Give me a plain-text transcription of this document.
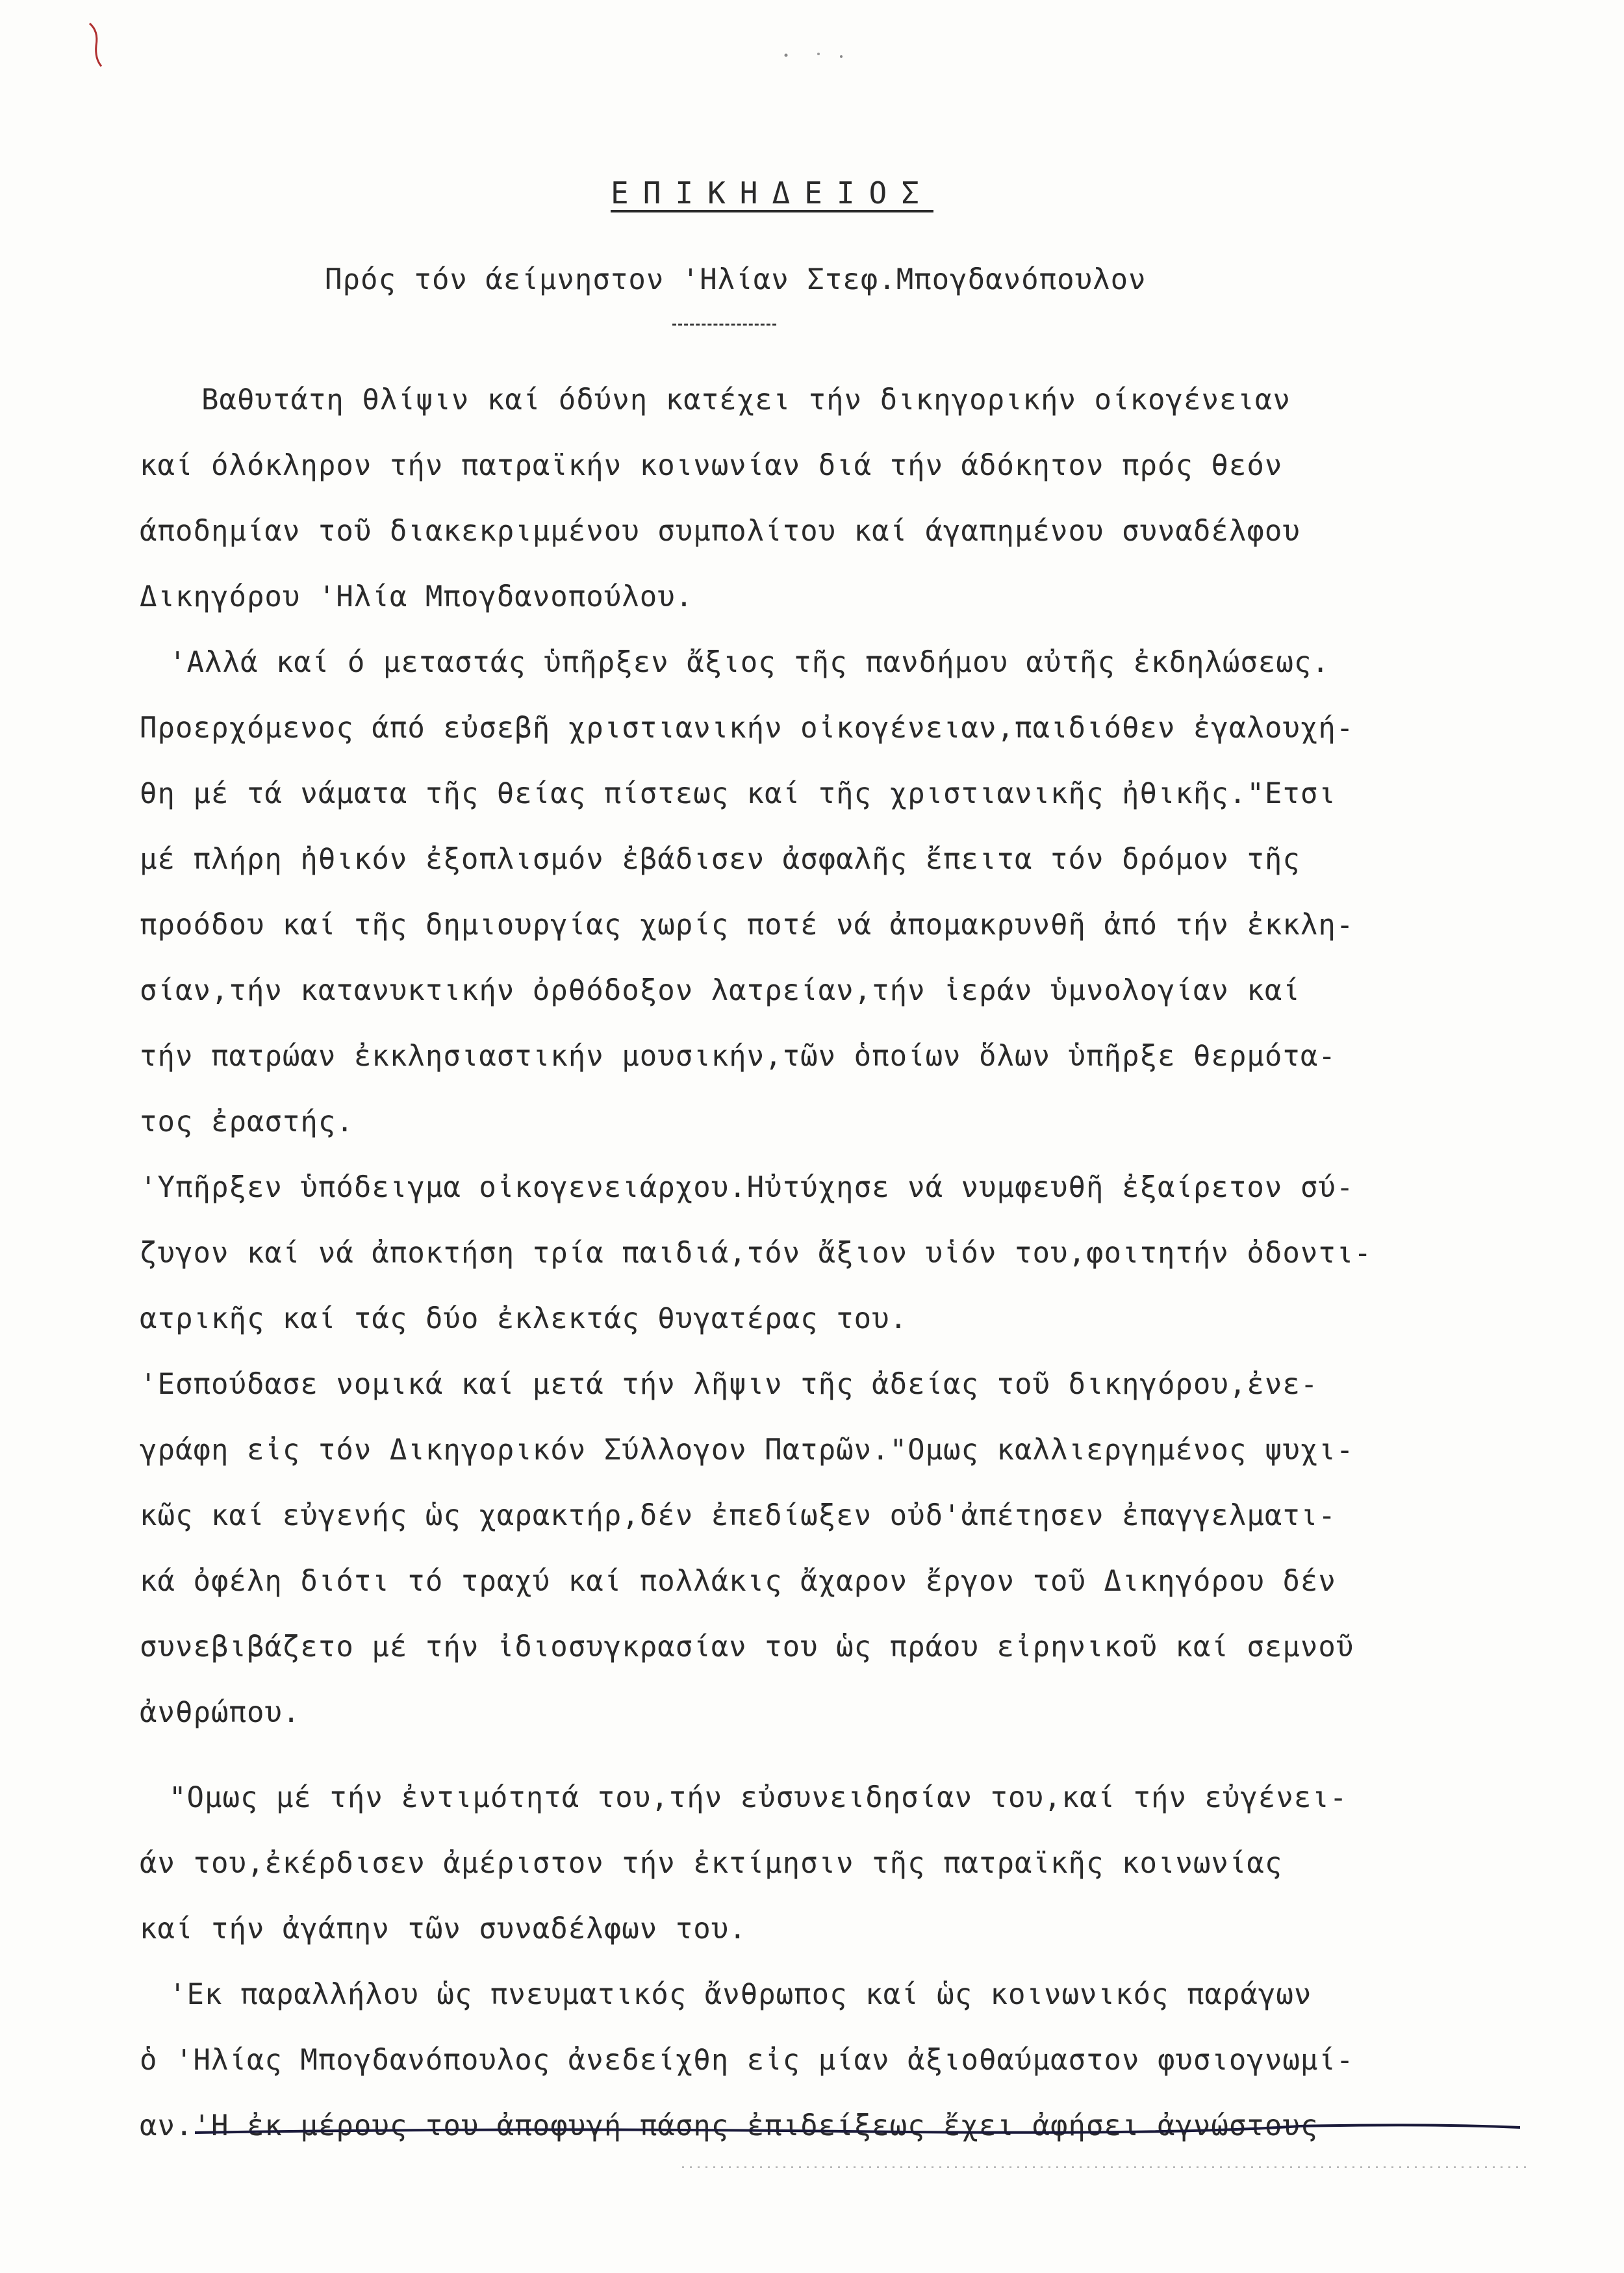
ΕΠΙΚΗΔΕΙΟΣ
Πρός τόν άείμνηστον 'Ηλίαν Στεφ.Μπογδανόπουλον
Βαθυτάτη θλίψιν καί όδύνη κατέχει τήν δικηγορικήν οίκογένειαν
καί όλόκληρον τήν πατραϊκήν κοινωνίαν διά τήν άδόκητον πρός θεόν
άποδημίαν τοῦ διακεκριμμένου συμπολίτου καί άγαπημένου συναδέλφου
Δικηγόρου 'Ηλία Μπογδανοπούλου.
'Αλλά καί ό μεταστάς ὑπῆρξεν ἄξιος τῆς πανδήμου αὐτῆς ἐκδηλώσεως.
Προερχόμενος άπό εὐσεβῆ χριστιανικήν οἰκογένειαν,παιδιόθεν ἐγαλουχή-
θη μέ τά νάματα τῆς θείας πίστεως καί τῆς χριστιανικῆς ἠθικῆς."Ετσι
μέ πλήρη ἠθικόν ἐξοπλισμόν ἐβάδισεν ἀσφαλῆς ἔπειτα τόν δρόμον τῆς
προόδου καί τῆς δημιουργίας χωρίς ποτέ νά ἀπομακρυνθῆ ἀπό τήν ἐκκλη-
σίαν,τήν κατανυκτικήν ὀρθόδοξον λατρείαν,τήν ἱεράν ὑμνολογίαν καί
τήν πατρώαν ἐκκλησιαστικήν μουσικήν,τῶν ὁποίων ὅλων ὑπῆρξε θερμότα-
τος ἐραστής.
'Υπῆρξεν ὑπόδειγμα οἰκογενειάρχου.Ηὐτύχησε νά νυμφευθῆ ἐξαίρετον σύ-
ζυγον καί νά ἀποκτήση τρία παιδιά,τόν ἄξιον υἱόν του,φοιτητήν ὀδοντι-
ατρικῆς καί τάς δύο ἐκλεκτάς θυγατέρας του.
'Εσπούδασε νομικά καί μετά τήν λῆψιν τῆς ἀδείας τοῦ δικηγόρου,ἐνε-
γράφη εἰς τόν Δικηγορικόν Σύλλογον Πατρῶν."Ομως καλλιεργημένος ψυχι-
κῶς καί εὐγενής ὡς χαρακτήρ,δέν ἐπεδίωξεν οὐδ'ἀπέτησεν ἐπαγγελματι-
κά ὀφέλη διότι τό τραχύ καί πολλάκις ἄχαρον ἔργον τοῦ Δικηγόρου δέν
συνεβιβάζετο μέ τήν ἰδιοσυγκρασίαν του ὡς πράου εἰρηνικοῦ καί σεμνοῦ
ἀνθρώπου.
"Ομως μέ τήν ἐντιμότητά του,τήν εὐσυνειδησίαν του,καί τήν εὐγένει-
άν του,ἐκέρδισεν ἀμέριστον τήν ἐκτίμησιν τῆς πατραϊκῆς κοινωνίας
καί τήν ἀγάπην τῶν συναδέλφων του.
'Εκ παραλλήλου ὡς πνευματικός ἄνθρωπος καί ὡς κοινωνικός παράγων
ὁ 'Ηλίας Μπογδανόπουλος ἀνεδείχθη εἰς μίαν ἀξιοθαύμαστον φυσιογνωμί-
αν.'Η ἐκ μέρους του ἀποφυγή πάσης ἐπιδείξεως ἔχει ἀφήσει ἀγνώστους
